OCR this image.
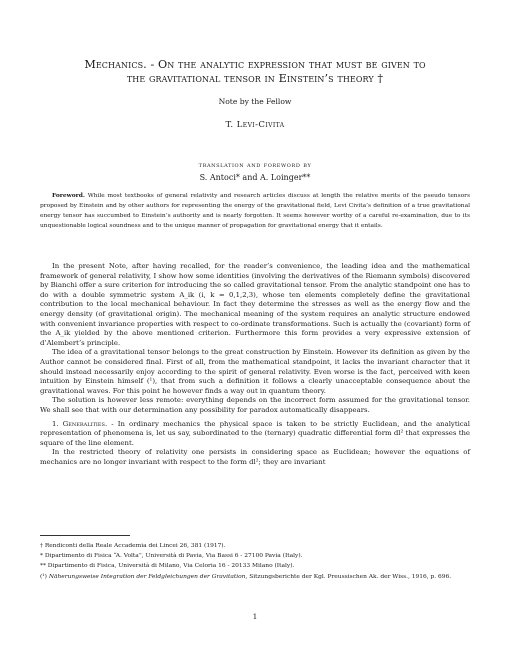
Mechanics. - On the analytic expression that must be given to
the gravitational tensor in Einstein’s theory †
Note by the Fellow
T. Levi-Civita
translation and foreword by
S. Antoci* and A. Loinger**
Foreword. While most textbooks of general relativity and research articles discuss at length the relative merits of the pseudo tensors proposed by Einstein and by other authors for representing the energy of the gravitational field, Levi Civita’s definition of a true gravitational energy tensor has succumbed to Einstein’s authority and is nearly forgotten. It seems however worthy of a careful re-examination, due to its unquestionable logical soundness and to the unique manner of propagation for gravitational energy that it entails.

In the present Note, after having recalled, for the reader’s convenience, the leading idea and the mathematical framework of general relativity, I show how some identities (involving the derivatives of the Riemann symbols) discovered by Bianchi offer a sure criterion for introducing the so called gravitational tensor. From the analytic standpoint one has to do with a double symmetric system A_ik (i, k = 0,1,2,3), whose ten elements completely define the gravitational contribution to the local mechanical behaviour. In fact they determine the stresses as well as the energy flow and the energy density (of gravitational origin). The mechanical meaning of the system requires an analytic structure endowed with convenient invariance properties with respect to co-ordinate transformations. Such is actually the (covariant) form of the A_ik yielded by the above mentioned criterion. Furthermore this form provides a very expressive extension of d’Alembert’s principle.

The idea of a gravitational tensor belongs to the great construction by Einstein. However its definition as given by the Author cannot be considered final. First of all, from the mathematical standpoint, it lacks the invariant character that it should instead necessarily enjoy according to the spirit of general relativity. Even worse is the fact, perceived with keen intuition by Einstein himself (¹), that from such a definition it follows a clearly unacceptable consequence about the gravitational waves. For this point he however finds a way out in quantum theory.

The solution is however less remote: everything depends on the incorrect form assumed for the gravitational tensor. We shall see that with our determination any possibility for paradox automatically disappears.

1. Generalities. - In ordinary mechanics the physical space is taken to be strictly Euclidean, and the analytical representation of phenomena is, let us say, subordinated to the (ternary) quadratic differential form dl² that expresses the square of the line element.

In the restricted theory of relativity one persists in considering space as Euclidean; however the equations of mechanics are no longer invariant with respect to the form dl²; they are invariant

† Rendiconti della Reale Accademia dei Lincei 26, 381 (1917).
* Dipartimento di Fisica “A. Volta”, Università di Pavia, Via Bassi 6 - 27100 Pavia (Italy).
** Dipartimento di Fisica, Università di Milano, Via Celoria 16 - 20133 Milano (Italy).
(¹) Näherungsweise Integration der Feldgleichungen der Gravitation, Sitzungsberichte der Kgl. Preussischen Ak. der Wiss., 1916, p. 696.
1
